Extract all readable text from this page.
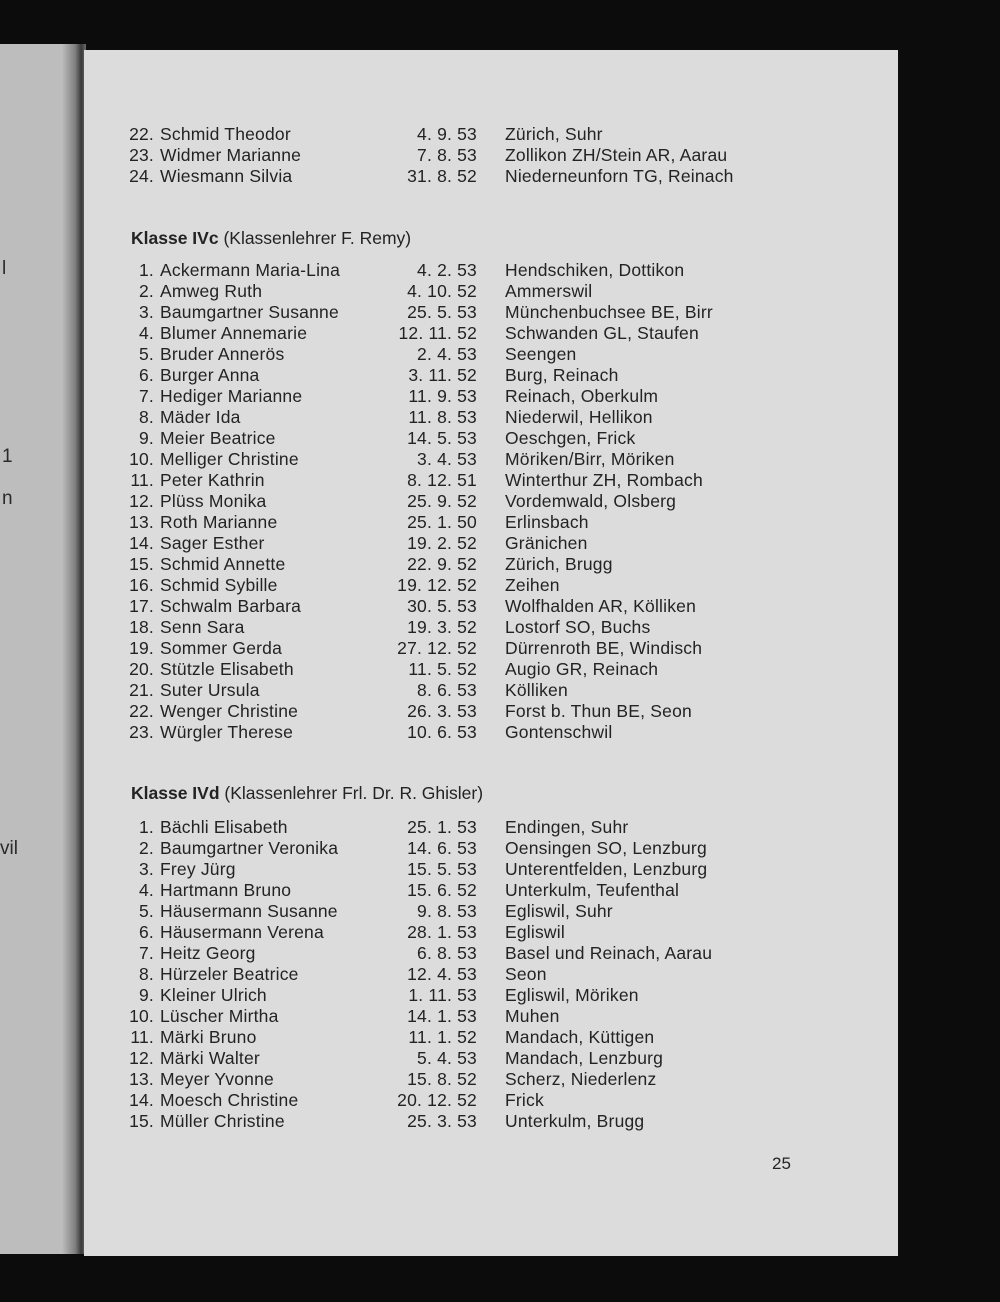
l
1
n
vil
22. Schmid Theodor	4. 9. 53 Zürich, Suhr
23. Widmer Marianne	7. 8. 53 Zollikon ZH/Stein AR, Aarau
24. Wiesmann Silvia	31. 8. 52 Niederneunforn TG, Reinach
Klasse IVc (Klassenlehrer F. Remy)
1. Ackermann Maria-Lina	4. 2. 53 Hendschiken, Dottikon
2. Amweg Ruth	4. 10. 52 Ammerswil
3. Baumgartner Susanne	25. 5. 53 Münchenbuchsee BE, Birr
4. Blumer Annemarie	12. 11. 52 Schwanden GL, Staufen
5. Bruder Annerös	2. 4. 53 Seengen
6. Burger Anna	3. 11. 52 Burg, Reinach
7. Hediger Marianne	11. 9. 53 Reinach, Oberkulm
8. Mäder Ida	11. 8. 53 Niederwil, Hellikon
9. Meier Beatrice	14. 5. 53 Oeschgen, Frick
10. Melliger Christine	3. 4. 53 Möriken/Birr, Möriken
11. Peter Kathrin	8. 12. 51 Winterthur ZH, Rombach
12. Plüss Monika	25. 9. 52 Vordemwald, Olsberg
13. Roth Marianne	25. 1. 50 Erlinsbach
14. Sager Esther	19. 2. 52 Gränichen
15. Schmid Annette	22. 9. 52 Zürich, Brugg
16. Schmid Sybille	19. 12. 52 Zeihen
17. Schwalm Barbara	30. 5. 53 Wolfhalden AR, Kölliken
18. Senn Sara	19. 3. 52 Lostorf SO, Buchs
19. Sommer Gerda	27. 12. 52 Dürrenroth BE, Windisch
20. Stützle Elisabeth	11. 5. 52 Augio GR, Reinach
21. Suter Ursula	8. 6. 53 Kölliken
22. Wenger Christine	26. 3. 53 Forst b. Thun BE, Seon
23. Würgler Therese	10. 6. 53 Gontenschwil
Klasse IVd (Klassenlehrer Frl. Dr. R. Ghisler)
1. Bächli Elisabeth	25. 1. 53 Endingen, Suhr
2. Baumgartner Veronika	14. 6. 53 Oensingen SO, Lenzburg
3. Frey Jürg	15. 5. 53 Unterentfelden, Lenzburg
4. Hartmann Bruno	15. 6. 52 Unterkulm, Teufenthal
5. Häusermann Susanne	9. 8. 53 Egliswil, Suhr
6. Häusermann Verena	28. 1. 53 Egliswil
7. Heitz Georg	6. 8. 53 Basel und Reinach, Aarau
8. Hürzeler Beatrice	12. 4. 53 Seon
9. Kleiner Ulrich	1. 11. 53 Egliswil, Möriken
10. Lüscher Mirtha	14. 1. 53 Muhen
11. Märki Bruno	11. 1. 52 Mandach, Küttigen
12. Märki Walter	5. 4. 53 Mandach, Lenzburg
13. Meyer Yvonne	15. 8. 52 Scherz, Niederlenz
14. Moesch Christine	20. 12. 52 Frick
15. Müller Christine	25. 3. 53 Unterkulm, Brugg
25
